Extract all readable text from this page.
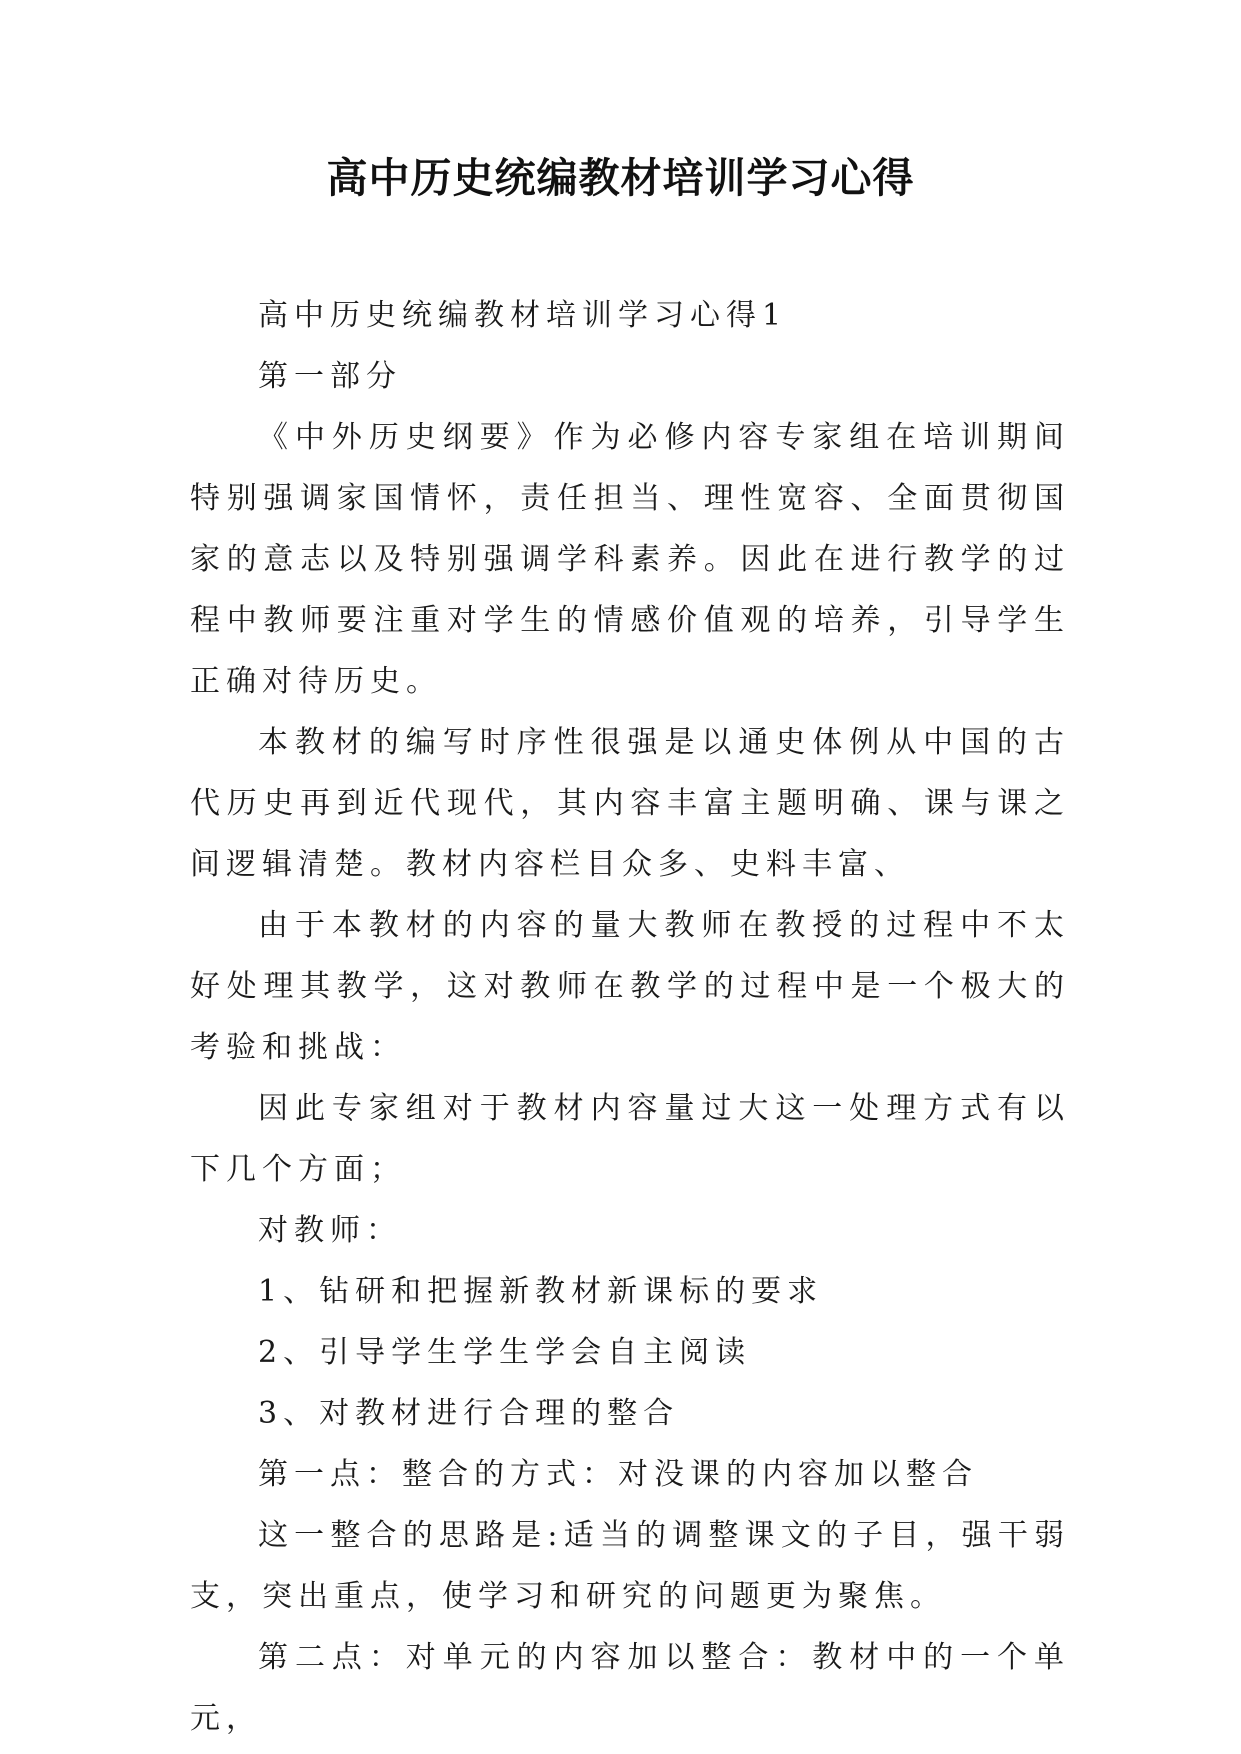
高中历史统编教材培训学习心得

高中历史统编教材培训学习心得1

第一部分

《中外历史纲要》作为必修内容专家组在培训期间特别强调家国情怀，责任担当、理性宽容、全面贯彻国家的意志以及特别强调学科素养。因此在进行教学的过程中教师要注重对学生的情感价值观的培养，引导学生正确对待历史。

本教材的编写时序性很强是以通史体例从中国的古代历史再到近代现代，其内容丰富主题明确、课与课之间逻辑清楚。教材内容栏目众多、史料丰富、

由于本教材的内容的量大教师在教授的过程中不太好处理其教学，这对教师在教学的过程中是一个极大的考验和挑战：

因此专家组对于教材内容量过大这一处理方式有以下几个方面；

对教师：

1、钻研和把握新教材新课标的要求

2、引导学生学生学会自主阅读

3、对教材进行合理的整合

第一点：整合的方式：对没课的内容加以整合

这一整合的思路是:适当的调整课文的子目，强干弱支，突出重点，使学习和研究的问题更为聚焦。

第二点：对单元的内容加以整合：教材中的一个单元，
